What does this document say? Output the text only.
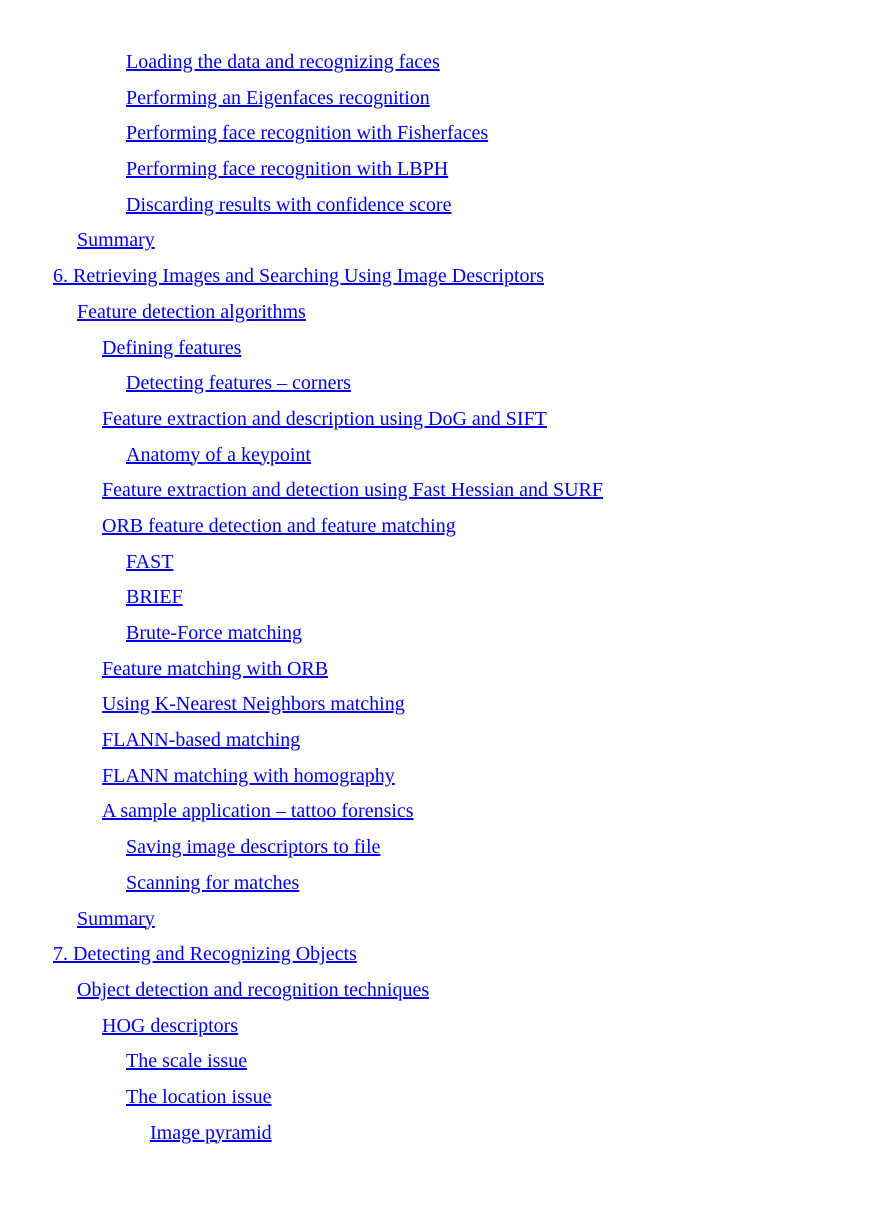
Loading the data and recognizing faces
Performing an Eigenfaces recognition
Performing face recognition with Fisherfaces
Performing face recognition with LBPH
Discarding results with confidence score
Summary
6. Retrieving Images and Searching Using Image Descriptors
Feature detection algorithms
Defining features
Detecting features – corners
Feature extraction and description using DoG and SIFT
Anatomy of a keypoint
Feature extraction and detection using Fast Hessian and SURF
ORB feature detection and feature matching
FAST
BRIEF
Brute-Force matching
Feature matching with ORB
Using K-Nearest Neighbors matching
FLANN-based matching
FLANN matching with homography
A sample application – tattoo forensics
Saving image descriptors to file
Scanning for matches
Summary
7. Detecting and Recognizing Objects
Object detection and recognition techniques
HOG descriptors
The scale issue
The location issue
Image pyramid
